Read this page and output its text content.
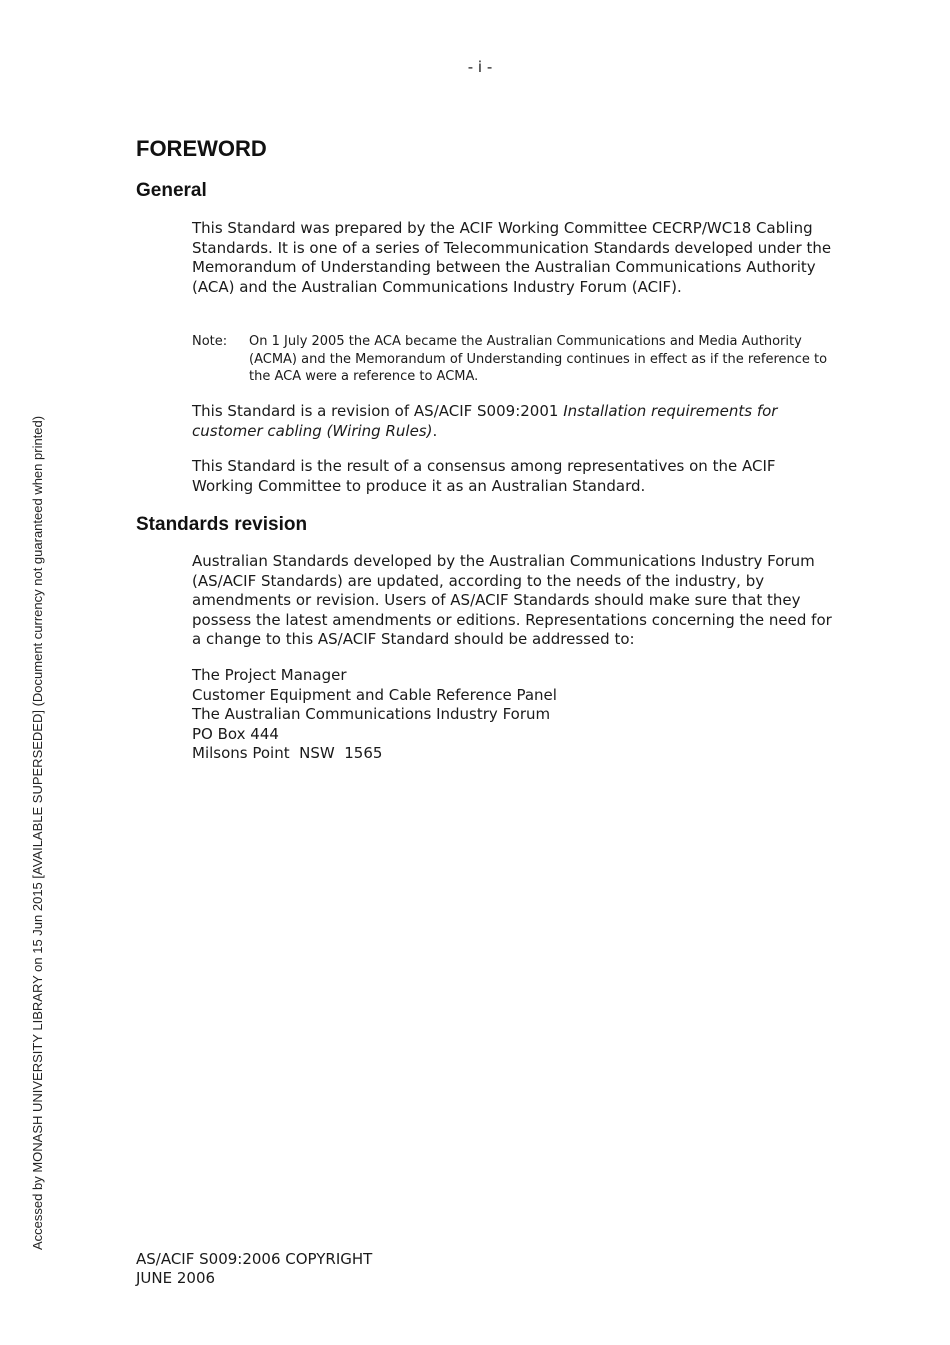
- i -
Accessed by MONASH UNIVERSITY LIBRARY on 15 Jun 2015 [AVAILABLE SUPERSEDED] (Document currency not guaranteed when printed)
FOREWORD
General

This Standard was prepared by the ACIF Working Committee CECRP/WC18 Cabling Standards. It is one of a series of Telecommunication Standards developed under the Memorandum of Understanding between the Australian Communications Authority (ACA) and the Australian Communications Industry Forum (ACIF).

Note: On 1 July 2005 the ACA became the Australian Communications and Media Authority (ACMA) and the Memorandum of Understanding continues in effect as if the reference to the ACA were a reference to ACMA.

This Standard is a revision of AS/ACIF S009:2001 Installation requirements for customer cabling (Wiring Rules).

This Standard is the result of a consensus among representatives on the ACIF Working Committee to produce it as an Australian Standard.

Standards revision

Australian Standards developed by the Australian Communications Industry Forum (AS/ACIF Standards) are updated, according to the needs of the industry, by amendments or revision. Users of AS/ACIF Standards should make sure that they possess the latest amendments or editions. Representations concerning the need for a change to this AS/ACIF Standard should be addressed to:

The Project Manager
Customer Equipment and Cable Reference Panel
The Australian Communications Industry Forum
PO Box 444
Milsons Point  NSW  1565
AS/ACIF S009:2006 COPYRIGHT
JUNE 2006
